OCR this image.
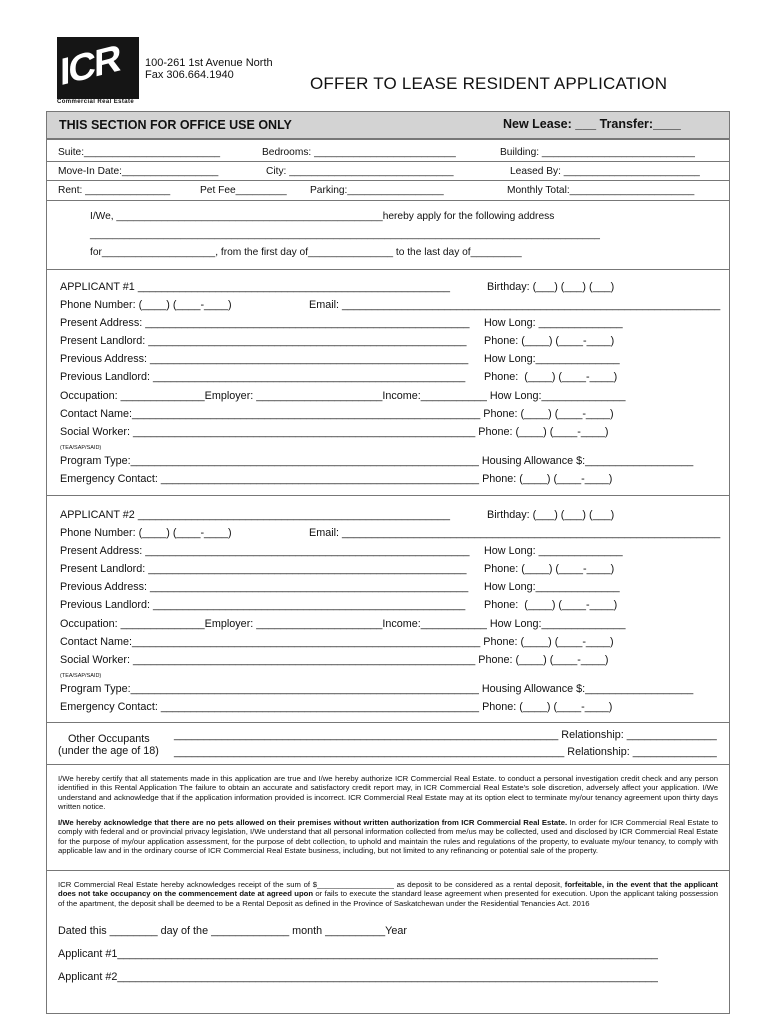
ICR
Commercial Real Estate
100-261 1st Avenue North
Fax 306.664.1940	OFFER TO LEASE RESIDENT APPLICATION
THIS SECTION FOR OFFICE USE ONLY	New Lease: ___ Transfer:____
Suite:________________________	Bedrooms: _________________________	Building: ___________________________
Move-In Date:_________________	City: _____________________________	Leased By: ________________________
Rent: _______________	Pet Fee_________ Parking:_________________	Monthly Total:______________________
I/We, _______________________________________________hereby apply for the following address
__________________________________________________________________________________________
for____________________, from the first day of_______________ to the last day of_________
APPLICANT #1 ____________________________________________________	Birthday: (___) (___) (___)
Phone Number: (____) (____-____)	Email: _______________________________________________________________
Present Address: ______________________________________________________ How Long: ______________
Present Landlord: _____________________________________________________ Phone: (____) (____-____)
Previous Address: _____________________________________________________ How Long:______________
Previous Landlord: ____________________________________________________ Phone:  (____) (____-____)
Occupation: ______________Employer: _____________________Income:___________ How Long:______________
Contact Name:__________________________________________________________ Phone: (____) (____-____)
Social Worker: _________________________________________________________ Phone: (____) (____-____)
(TEA/SAP/SAID)
Program Type:__________________________________________________________ Housing Allowance $:__________________
Emergency Contact: _____________________________________________________ Phone: (____) (____-____)
APPLICANT #2 ____________________________________________________	Birthday: (___) (___) (___)
Phone Number: (____) (____-____)	Email: _______________________________________________________________
Present Address: ______________________________________________________ How Long: ______________
Present Landlord: _____________________________________________________ Phone: (____) (____-____)
Previous Address: _____________________________________________________ How Long:______________
Previous Landlord: ____________________________________________________ Phone:  (____) (____-____)
Occupation: ______________Employer: _____________________Income:___________ How Long:______________
Contact Name:__________________________________________________________ Phone: (____) (____-____)
Social Worker: _________________________________________________________ Phone: (____) (____-____)
(TEA/SAP/SAID)
Program Type:__________________________________________________________ Housing Allowance $:__________________
Emergency Contact: _____________________________________________________ Phone: (____) (____-____)
Other Occupants
(under the age of 18)
________________________________________________________________ Relationship: _______________
_________________________________________________________________ Relationship: ______________
I/We hereby certify that all statements made in this application are true and I/we hereby authorize ICR Commercial Real Estate. to conduct a personal investigation credit check and any person identified in this Rental Application The failure to obtain an accurate and satisfactory credit report may, in ICR Commercial Real Estate's sole discretion, adversely affect your application. I/We understand and acknowledge that if the application information provided is incorrect. ICR Commercial Real Estate may at its option elect to terminate my/our tenancy agreement upon thirty days written notice.
I/We hereby acknowledge that there are no pets allowed on their premises without written authorization from ICR Commercial Real Estate. In order for ICR Commercial Real Estate to comply with federal and or provincial privacy legislation, I/We understand that all personal information collected from me/us may be collected, used and disclosed by ICR Commercial Real Estate for the purpose of my/our application assessment, for the purpose of debt collection, to uphold and maintain the rules and regulations of the property, to evaluate my/our tenancy, to comply with applicable law and in the ordinary course of ICR Commercial Real Estate business, including, but not limited to any refinancing or potential sale of the property.
ICR Commercial Real Estate hereby acknowledges receipt of the sum of $__________________ as deposit to be considered as a rental deposit, forfeitable, in the event that the applicant does not take occupancy on the commencement date at agreed upon or fails to execute the standard lease agreement when presented for execution. Upon the applicant taking possession of the apartment, the deposit shall be deemed to be a Rental Deposit as defined in the Province of Saskatchewan under the Residential Tenancies Act. 2016
Dated this ________ day of the _____________ month __________Year
Applicant #1__________________________________________________________________________________________
Applicant #2__________________________________________________________________________________________
